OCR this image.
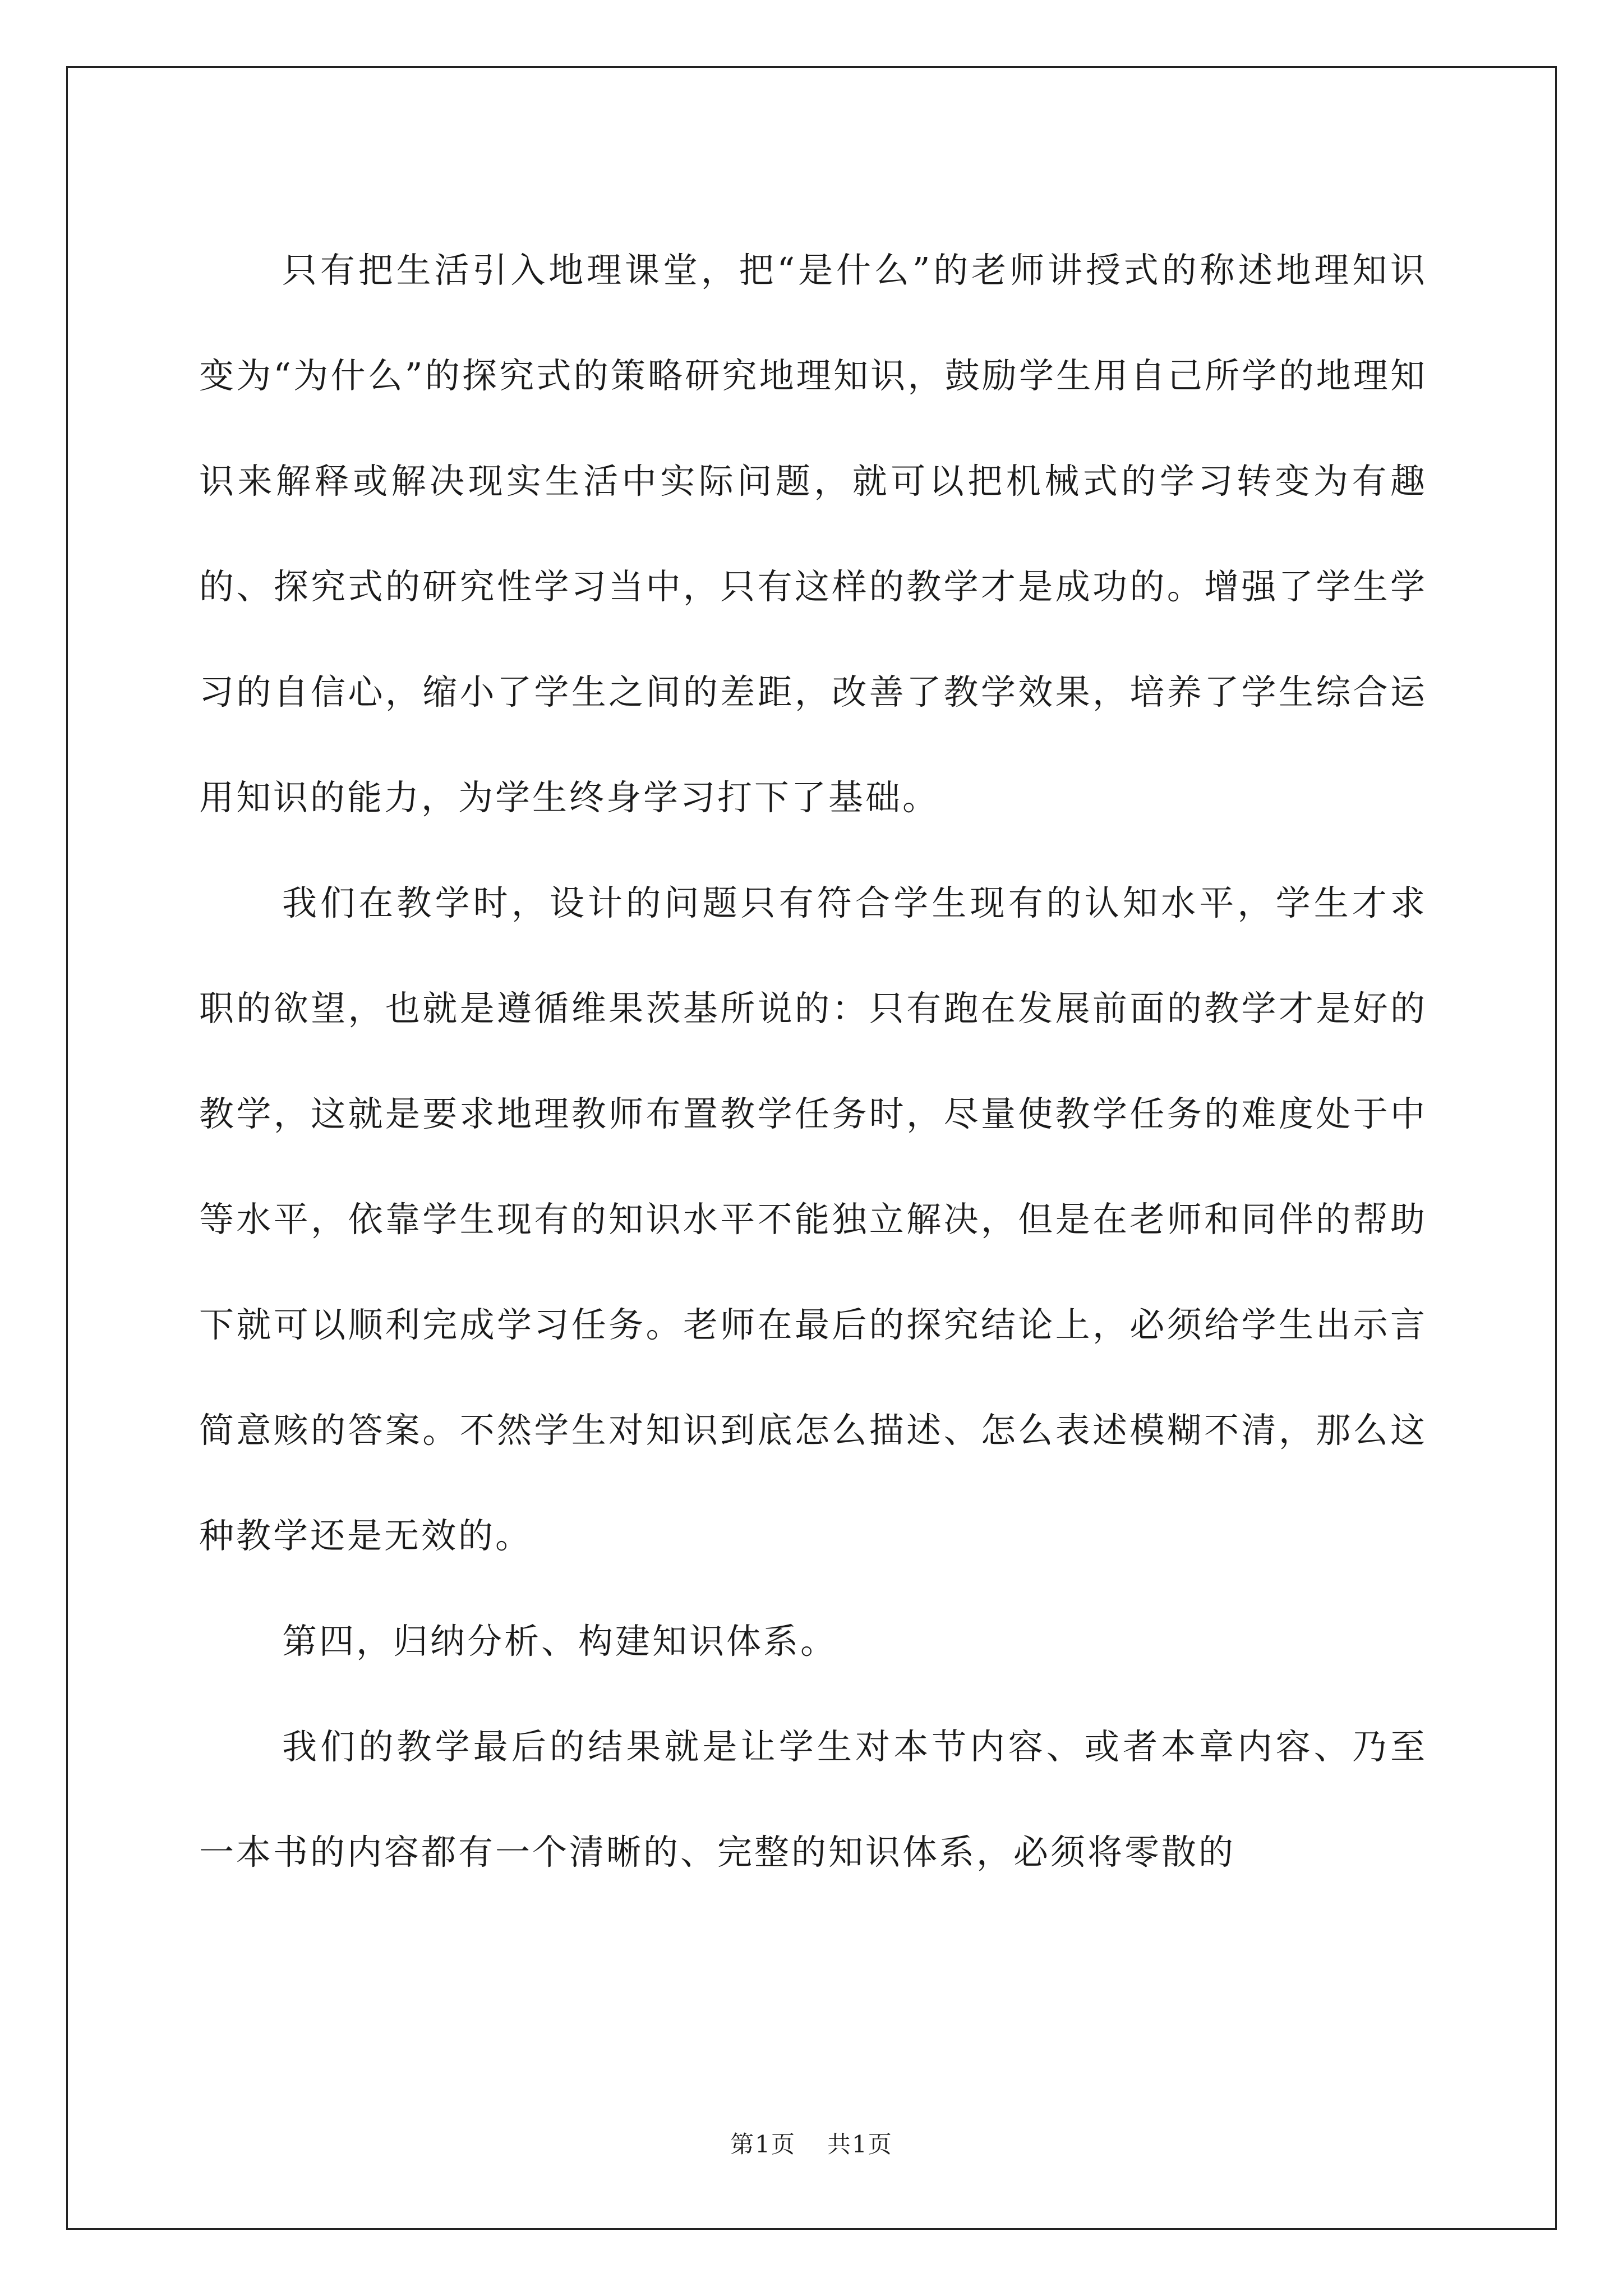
只有把生活引入地理课堂，把“是什么”的老师讲授式的称述地理知识变为“为什么”的探究式的策略研究地理知识，鼓励学生用自己所学的地理知识来解释或解决现实生活中实际问题，就可以把机械式的学习转变为有趣的、探究式的研究性学习当中，只有这样的教学才是成功的。增强了学生学习的自信心，缩小了学生之间的差距，改善了教学效果，培养了学生综合运用知识的能力，为学生终身学习打下了基础。

我们在教学时，设计的问题只有符合学生现有的认知水平，学生才求职的欲望，也就是遵循维果茨基所说的：只有跑在发展前面的教学才是好的教学，这就是要求地理教师布置教学任务时，尽量使教学任务的难度处于中等水平，依靠学生现有的知识水平不能独立解决，但是在老师和同伴的帮助下就可以顺利完成学习任务。老师在最后的探究结论上，必须给学生出示言简意赅的答案。不然学生对知识到底怎么描述、怎么表述模糊不清，那么这种教学还是无效的。

第四，归纳分析、构建知识体系。

我们的教学最后的结果就是让学生对本节内容、或者本章内容、乃至一本书的内容都有一个清晰的、完整的知识体系，必须将零散的

第1页 共1页
